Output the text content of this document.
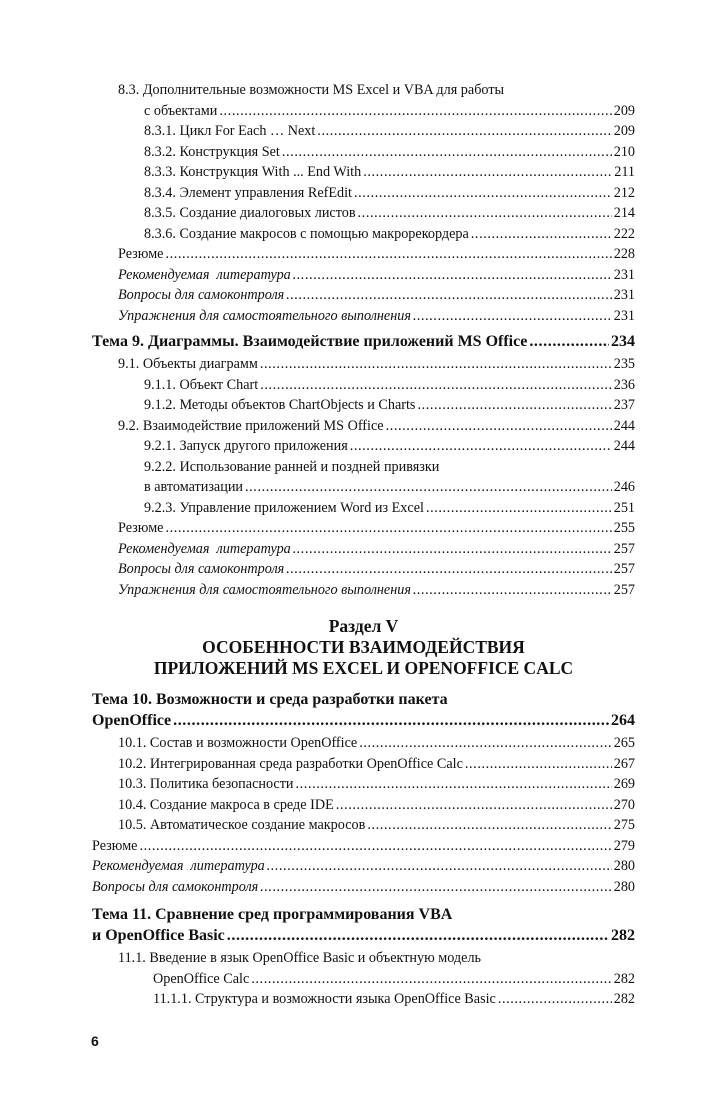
8.3. Дополнительные возможности MS Excel и VBA для работы
с объектами .....	209
8.3.1. Цикл For Each … Next .....	209
8.3.2. Конструкция Set .....	210
8.3.3. Конструкция With ... End With .....	211
8.3.4. Элемент управления RefEdit .....	212
8.3.5. Создание диалоговых листов .....	214
8.3.6. Создание макросов с помощью макрорекордера .....	222
Резюме .....	228
Рекомендуемая  литература .....	231
Вопросы для самоконтроля .....	231
Упражнения для самостоятельного выполнения .....	231
Тема 9. Диаграммы. Взаимодействие приложений MS Office .....	234
9.1. Объекты диаграмм .....	235
9.1.1. Объект Chart .....	236
9.1.2. Методы объектов ChartObjects и Charts .....	237
9.2. Взаимодействие приложений MS Office .....	244
9.2.1. Запуск другого приложения .....	244
9.2.2. Использование ранней и поздней привязки
в автоматизации .....	246
9.2.3. Управление приложением Word из Excel .....	251
Резюме .....	255
Рекомендуемая  литература .....	257
Вопросы для самоконтроля .....	257
Упражнения для самостоятельного выполнения .....	257
Раздел V
ОСОБЕННОСТИ ВЗАИМОДЕЙСТВИЯ
ПРИЛОЖЕНИЙ MS EXCEL И OPENOFFICE CALC
Тема 10. Возможности и среда разработки пакета
OpenOffice .....	264
10.1. Состав и возможности OpenOffice .....	265
10.2. Интегрированная среда разработки OpenOffice Calc .....	267
10.3. Политика безопасности .....	269
10.4. Создание макроса в среде IDE .....	270
10.5. Автоматическое создание макросов .....	275
Резюме .....	279
Рекомендуемая  литература .....	280
Вопросы для самоконтроля .....	280
Тема 11. Сравнение сред программирования VBA
и OpenOffice Basic .....	282
11.1. Введение в язык OpenOffice Basic и объектную модель
OpenOffice Calc .....	282
11.1.1. Структура и возможности языка OpenOffice Basic .....	282
6
